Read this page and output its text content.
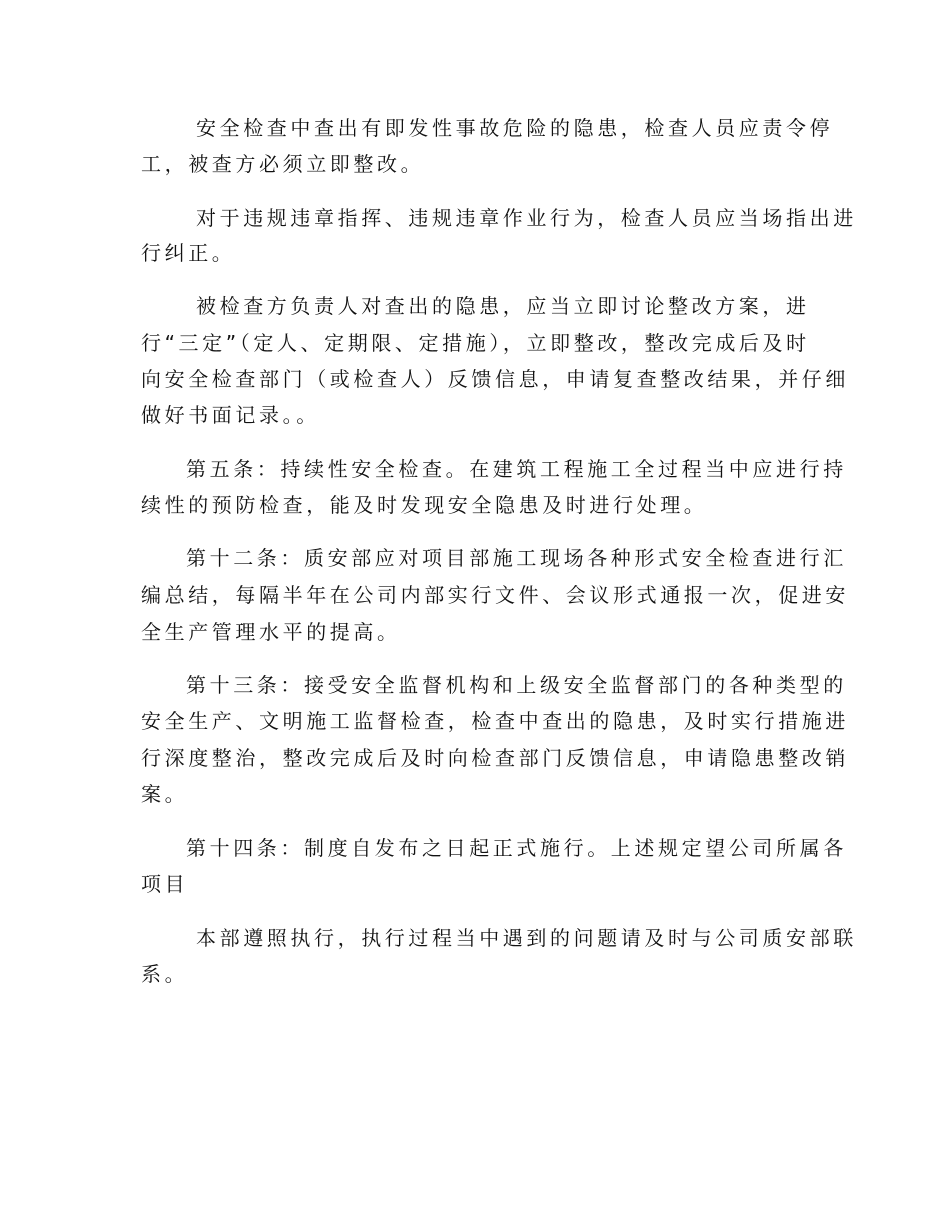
安全检查中查出有即发性事故危险的隐患，检查人员应责令停

工，被查方必须立即整改。

对于违规违章指挥、违规违章作业行为，检查人员应当场指出进

行纠正。

被检查方负责人对查出的隐患，应当立即讨论整改方案，进

行“三定”（定人、定期限、定措施），立即整改，整改完成后及时

向安全检查部门（或检查人）反馈信息，申请复查整改结果，并仔细

做好书面记录。。

第五条：持续性安全检查。在建筑工程施工全过程当中应进行持

续性的预防检查，能及时发现安全隐患及时进行处理。

第十二条：质安部应对项目部施工现场各种形式安全检查进行汇

编总结，每隔半年在公司内部实行文件、会议形式通报一次，促进安

全生产管理水平的提高。

第十三条：接受安全监督机构和上级安全监督部门的各种类型的

安全生产、文明施工监督检查，检查中查出的隐患，及时实行措施进

行深度整治，整改完成后及时向检查部门反馈信息，申请隐患整改销

案。

第十四条：制度自发布之日起正式施行。上述规定望公司所属各

项目

本部遵照执行，执行过程当中遇到的问题请及时与公司质安部联

系。
